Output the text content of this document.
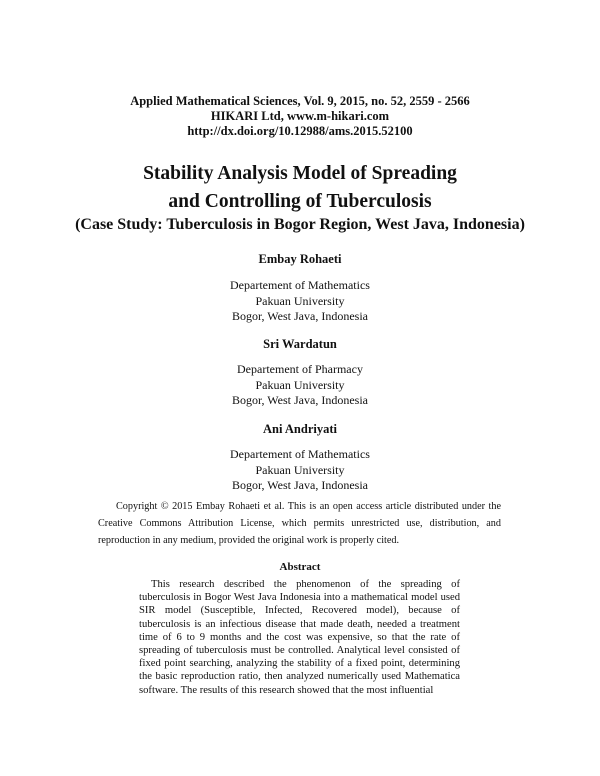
Applied Mathematical Sciences, Vol. 9, 2015, no. 52, 2559 - 2566
HIKARI Ltd, www.m-hikari.com
http://dx.doi.org/10.12988/ams.2015.52100
Stability Analysis Model of Spreading
and Controlling of Tuberculosis
(Case Study: Tuberculosis in Bogor Region, West Java, Indonesia)
Embay Rohaeti
Departement of Mathematics
Pakuan University
Bogor, West Java, Indonesia
Sri Wardatun
Departement of Pharmacy
Pakuan University
Bogor, West Java, Indonesia
Ani Andriyati
Departement of Mathematics
Pakuan University
Bogor, West Java, Indonesia
Copyright © 2015 Embay Rohaeti et al. This is an open access article distributed under the Creative Commons Attribution License, which permits unrestricted use, distribution, and reproduction in any medium, provided the original work is properly cited.
Abstract
This research described the phenomenon of the spreading of tuberculosis in Bogor West Java Indonesia into a mathematical model used SIR model (Susceptible, Infected, Recovered model), because of tuberculosis is an infectious disease that made death, needed a treatment time of 6 to 9 months and the cost was expensive, so that the rate of spreading of tuberculosis must be controlled. Analytical level consisted of fixed point searching, analyzing the stability of a fixed point, determining the basic reproduction ratio, then analyzed numerically used Mathematica software. The results of this research showed that the most influential
